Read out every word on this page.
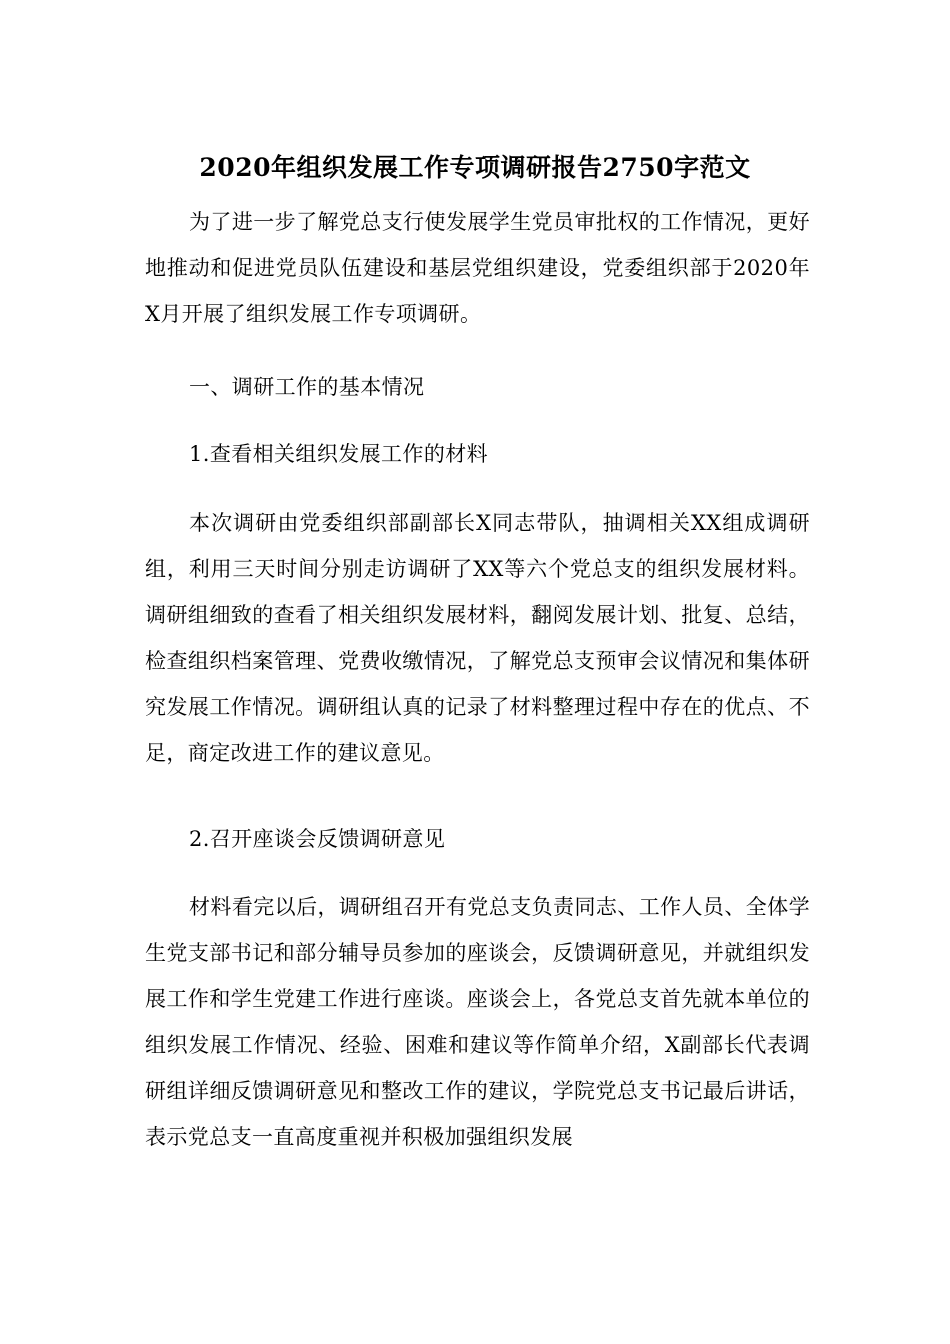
2020年组织发展工作专项调研报告2750字范文

为了进一步了解党总支行使发展学生党员审批权的工作情况，更好地推动和促进党员队伍建设和基层党组织建设，党委组织部于2020年X月开展了组织发展工作专项调研。

一、调研工作的基本情况

1.查看相关组织发展工作的材料

本次调研由党委组织部副部长X同志带队，抽调相关XX组成调研组，利用三天时间分别走访调研了XX等六个党总支的组织发展材料。调研组细致的查看了相关组织发展材料，翻阅发展计划、批复、总结，检查组织档案管理、党费收缴情况，了解党总支预审会议情况和集体研究发展工作情况。调研组认真的记录了材料整理过程中存在的优点、不足，商定改进工作的建议意见。

2.召开座谈会反馈调研意见

材料看完以后，调研组召开有党总支负责同志、工作人员、全体学生党支部书记和部分辅导员参加的座谈会，反馈调研意见，并就组织发展工作和学生党建工作进行座谈。座谈会上，各党总支首先就本单位的组织发展工作情况、经验、困难和建议等作简单介绍，X副部长代表调研组详细反馈调研意见和整改工作的建议，学院党总支书记最后讲话，表示党总支一直高度重视并积极加强组织发展
